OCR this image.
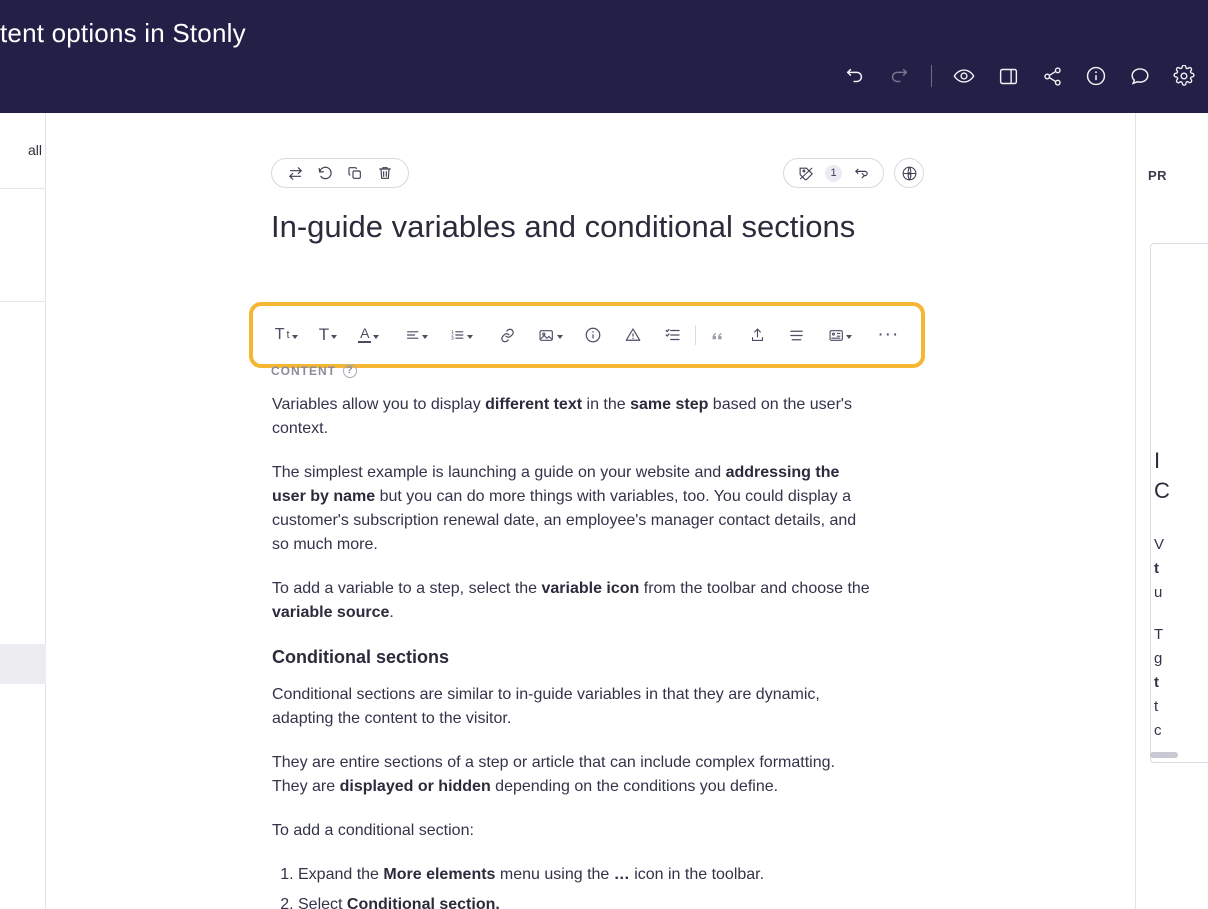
tent options in Stonly
all
1	A
In-guide variables and conditional sections
T t T A	1
2
3	···
CONTENT	?

Variables allow you to display different text in the same step based on the user's context.

The simplest example is launching a guide on your website and addressing the user by name but you can do more things with variables, too. You could display a customer's subscription renewal date, an employee's manager contact details, and so much more.

To add a variable to a step, select the variable icon from the toolbar and choose the variable source.

Conditional sections

Conditional sections are similar to in-guide variables in that they are dynamic, adapting the content to the visitor.

They are entire sections of a step or article that can include complex formatting. They are displayed or hidden depending on the conditions you define.

To add a conditional section:

1. Expand the More elements menu using the … icon in the toolbar.
2. Select Conditional section.
PR
I
C

V
t
u

T
g
t
t
c
